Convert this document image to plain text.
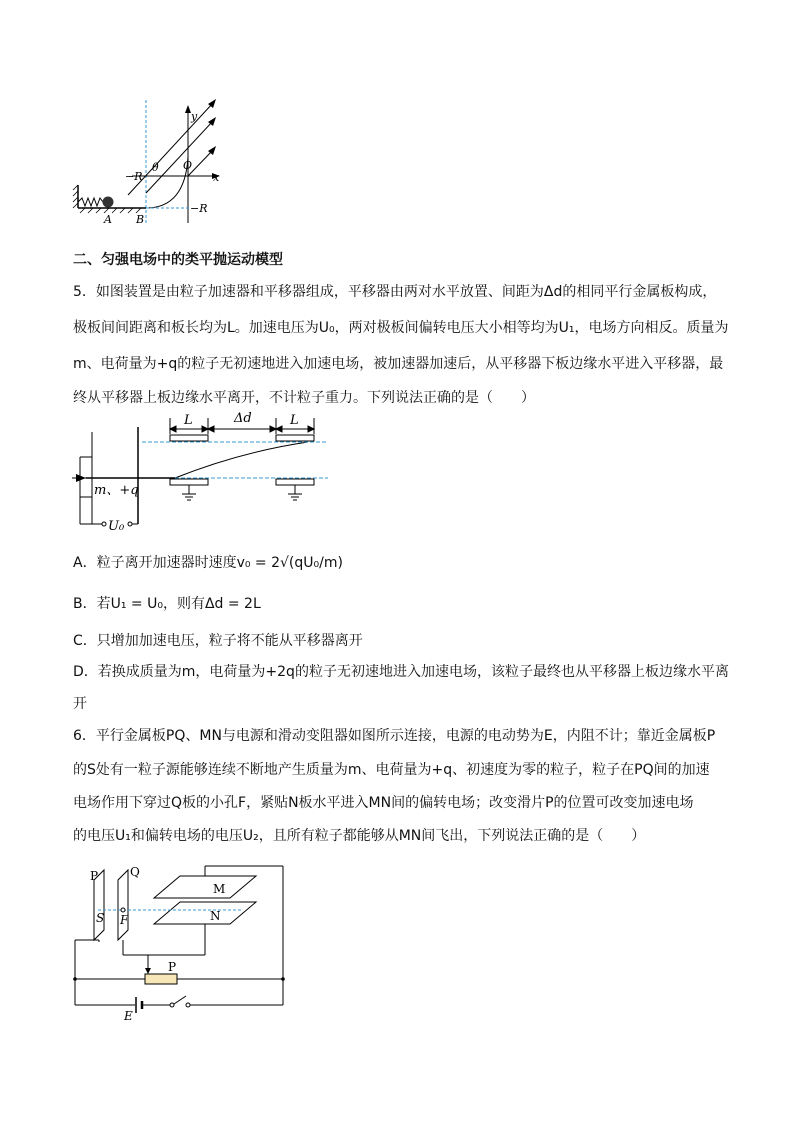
y
x
θ O
−R
−R
A B
二、匀强电场中的类平抛运动模型
5．如图装置是由粒子加速器和平移器组成，平移器由两对水平放置、间距为Δd的相同平行金属板构成，
极板间间距离和板长均为L。加速电压为U₀，两对极板间偏转电压大小相等均为U₁，电场方向相反。质量为
m、电荷量为+q的粒子无初速地进入加速电场，被加速器加速后，从平移器下板边缘水平进入平移器，最
终从平移器上板边缘水平离开，不计粒子重力。下列说法正确的是（　　）
L	Δd	L
m、+q
U₀
A．粒子离开加速器时速度v₀ = 2√(qU₀/m)
B．若U₁ = U₀，则有Δd = 2L
C．只增加加速电压，粒子将不能从平移器离开
D．若换成质量为m，电荷量为+2q的粒子无初速地进入加速电场，该粒子最终也从平移器上板边缘水平离
开
6．平行金属板PQ、MN与电源和滑动变阻器如图所示连接，电源的电动势为E，内阻不计；靠近金属板P
的S处有一粒子源能够连续不断地产生质量为m、电荷量为+q、初速度为零的粒子，粒子在PQ间的加速
电场作用下穿过Q板的小孔F，紧贴N板水平进入MN间的偏转电场；改变滑片P的位置可改变加速电场
的电压U₁和偏转电场的电压U₂，且所有粒子都能够从MN间飞出，下列说法正确的是（　　）
P	Q
S F
M
N
P
E
